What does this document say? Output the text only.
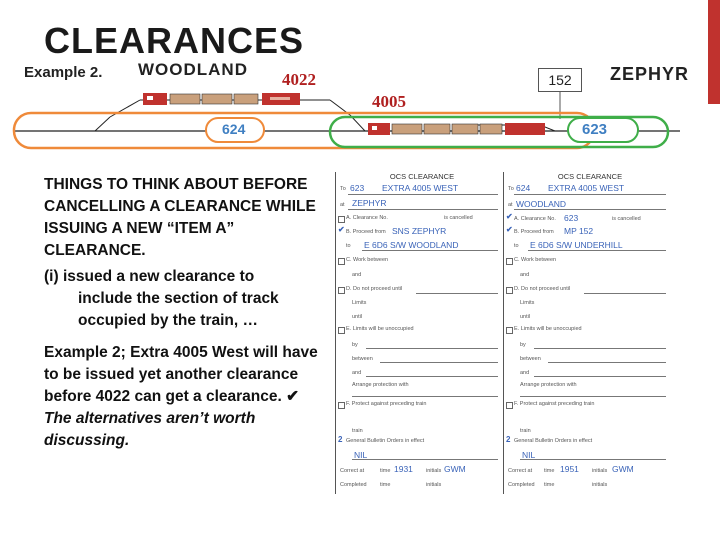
CLEARANCES
Example 2. WOODLAND
4022
4005
152	ZEPHYR
624	623
THINGS TO THINK ABOUT BEFORE CANCELLING A CLEARANCE WHILE ISSUING A NEW “ITEM A” CLEARANCE.
(i) issued a new clearance to
include the section of track
occupied by the train, …
Example 2; Extra 4005 West will have to be issued yet another clearance before 4022 can get a clearance. ✔ The alternatives aren’t worth discussing.
OCS CLEARANCE
To 623 EXTRA 4005 WEST
at ZEPHYR
A. Clearance No.	is cancelled
✔ B. Proceed from SNS ZEPHYR
to E 6D6 S/W WOODLAND
C. Work between
and
D. Do not proceed until
Limits
until
E. Limits will be unoccupied
by
between
and
Arrange protection with
F. Protect against preceding train
train
2 General Bulletin Orders in effect
NIL
Correct at	time 1931 initials GWM
Completed time	initials
OCS CLEARANCE
To 624 EXTRA 4005 WEST
at WOODLAND
✔ A. Clearance No. 623	is cancelled
✔ B. Proceed from MP 152
to E 6D6 S/W UNDERHILL
C. Work between
and
D. Do not proceed until
Limits
until
E. Limits will be unoccupied
by
between
and
Arrange protection with
F. Protect against preceding train
train
2 General Bulletin Orders in effect
NIL
Correct at time 1951 initials GWM
Completed time	initials
